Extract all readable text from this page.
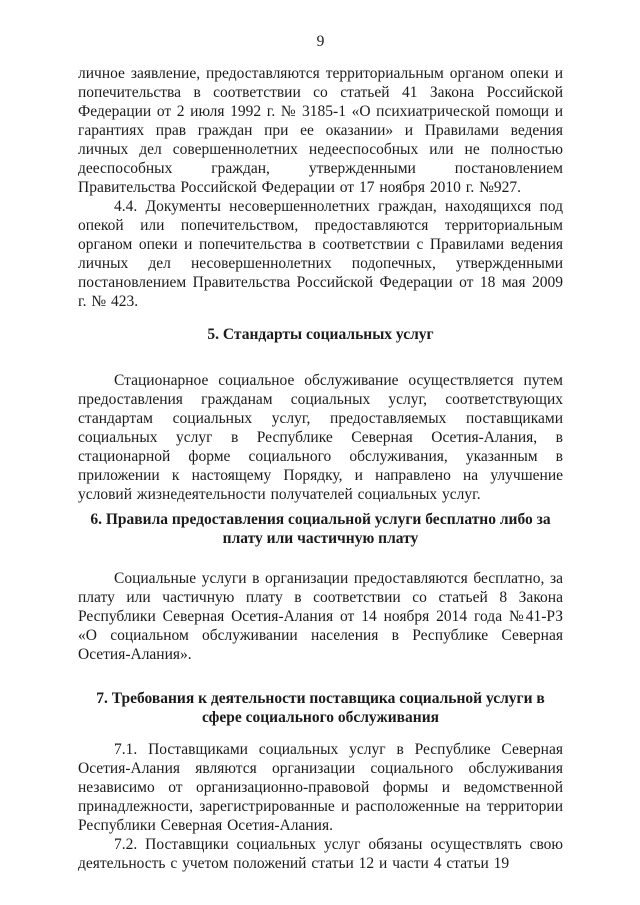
9

личное заявление, предоставляются территориальным органом опеки и попечительства в соответствии со статьей 41 Закона Российской Федерации от 2 июля 1992 г. № 3185-1 «О психиатрической помощи и гарантиях прав граждан при ее оказании» и Правилами ведения личных дел совершеннолетних недееспособных или не полностью дееспособных граждан, утвержденными постановлением Правительства Российской Федерации от 17 ноября 2010 г. №927.

4.4. Документы несовершеннолетних граждан, находящихся под опекой или попечительством, предоставляются территориальным органом опеки и попечительства в соответствии с Правилами ведения личных дел несовершеннолетних подопечных, утвержденными постановлением Правительства Российской Федерации от 18 мая 2009 г. № 423.

5. Стандарты социальных услуг

Стационарное социальное обслуживание осуществляется путем предоставления гражданам социальных услуг, соответствующих стандартам социальных услуг, предоставляемых поставщиками социальных услуг в Республике Северная Осетия-Алания, в стационарной форме социального обслуживания, указанным в приложении к настоящему Порядку, и направлено на улучшение условий жизнедеятельности получателей социальных услуг.

6. Правила предоставления социальной услуги бесплатно либо за плату или частичную плату

Социальные услуги в организации предоставляются бесплатно, за плату или частичную плату в соответствии со статьей 8 Закона Республики Северная Осетия-Алания от 14 ноября 2014 года №41-РЗ «О социальном обслуживании населения в Республике Северная Осетия-Алания».

7. Требования к деятельности поставщика социальной услуги в сфере социального обслуживания

7.1. Поставщиками социальных услуг в Республике Северная Осетия-Алания являются организации социального обслуживания независимо от организационно-правовой формы и ведомственной принадлежности, зарегистрированные и расположенные на территории Республики Северная Осетия-Алания.

7.2. Поставщики социальных услуг обязаны осуществлять свою деятельность с учетом положений статьи 12 и части 4 статьи 19
